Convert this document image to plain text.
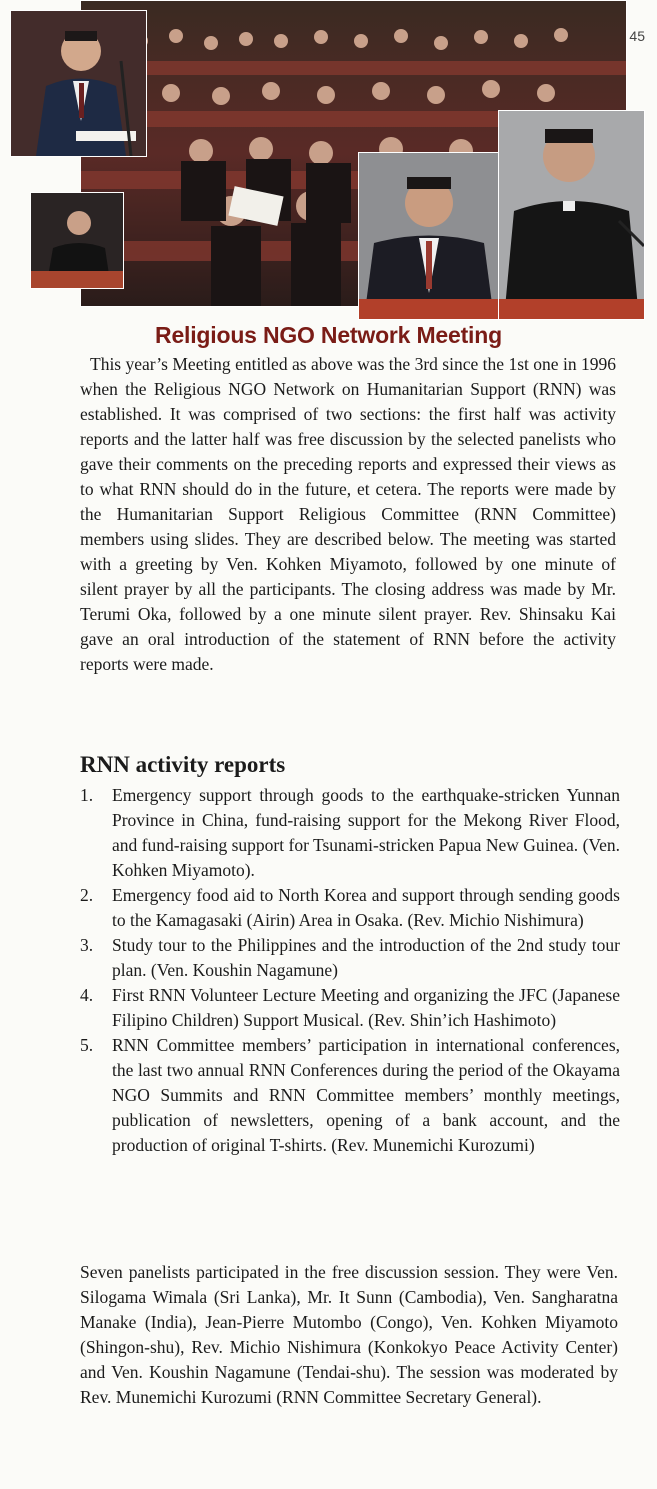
45
Religious NGO Network Meeting

This year’s Meeting entitled as above was the 3rd since the 1st one in 1996 when the Religious NGO Network on Humanitarian Support (RNN) was established. It was comprised of two sections: the first half was activity reports and the latter half was free discussion by the selected panelists who gave their comments on the preceding reports and expressed their views as to what RNN should do in the future, et cetera. The reports were made by the Humanitarian Support Religious Committee (RNN Committee) members using slides. They are described below. The meeting was started with a greeting by Ven. Kohken Miyamoto, followed by one minute of silent prayer by all the participants. The closing address was made by Mr. Terumi Oka, followed by a one minute silent prayer. Rev. Shinsaku Kai gave an oral introduction of the statement of RNN before the activity reports were made.

RNN activity reports
1.	Emergency support through goods to the earthquake-stricken Yunnan Province in China, fund-raising support for the Mekong River Flood, and fund-raising support for Tsunami-stricken Papua New Guinea. (Ven. Kohken Miyamoto).
2.	Emergency food aid to North Korea and support through sending goods to the Kamagasaki (Airin) Area in Osaka. (Rev. Michio Nishimura)
3.	Study tour to the Philippines and the introduction of the 2nd study tour plan. (Ven. Koushin Nagamune)
4.	First RNN Volunteer Lecture Meeting and organizing the JFC (Japanese Filipino Children) Support Musical. (Rev. Shin’ich Hashimoto)
5.	RNN Committee members’ participation in international conferences, the last two annual RNN Conferences during the period of the Okayama NGO Summits and RNN Committee members’ monthly meetings, publication of newsletters, opening of a bank account, and the production of original T-shirts. (Rev. Munemichi Kurozumi)

Seven panelists participated in the free discussion session. They were Ven. Silogama Wimala (Sri Lanka), Mr. It Sunn (Cambodia), Ven. Sangharatna Manake (India), Jean-Pierre Mutombo (Congo), Ven. Kohken Miyamoto (Shingon-shu), Rev. Michio Nishimura (Konkokyo Peace Activity Center) and Ven. Koushin Nagamune (Tendai-shu). The session was moderated by Rev. Munemichi Kurozumi (RNN Committee Secretary General).
